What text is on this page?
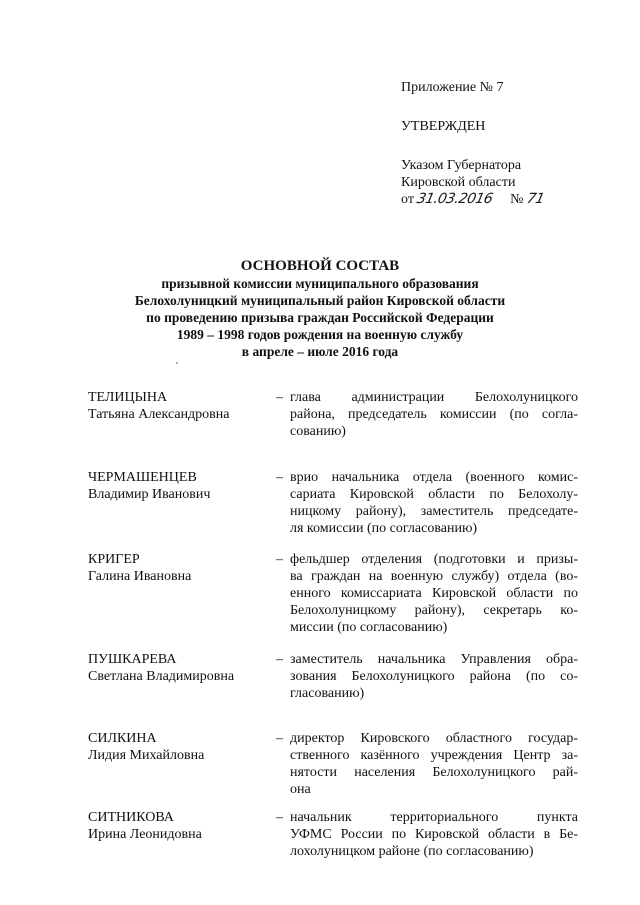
Приложение № 7
УТВЕРЖДЕН
Указом Губернатора
Кировской области
от 31.03.2016 № 71
ОСНОВНОЙ СОСТАВ
призывной комиссии муниципального образования
Белохолуницкий муниципальный район Кировской области
по проведению призыва граждан Российской Федерации
1989 – 1998 годов рождения на военную службу
в апреле – июле 2016 года
ТЕЛИЦЫНА
Татьяна Александровна
– глава администрации Белохолуницкого
района, председатель комиссии (по согла-
сованию)
ЧЕРМАШЕНЦЕВ
Владимир Иванович
– врио начальника отдела (военного комис-
сариата Кировской области по Белохолу-
ницкому району), заместитель председате-
ля комиссии (по согласованию)
КРИГЕР
Галина Ивановна
– фельдшер отделения (подготовки и призы-
ва граждан на военную службу) отдела (во-
енного комиссариата Кировской области по
Белохолуницкому району), секретарь ко-
миссии (по согласованию)
ПУШКАРЕВА
Светлана Владимировна
– заместитель начальника Управления обра-
зования Белохолуницкого района (по со-
гласованию)
СИЛКИНА
Лидия Михайловна
– директор Кировского областного государ-
ственного казённого учреждения Центр за-
нятости населения Белохолуницкого рай-
она
СИТНИКОВА
Ирина Леонидовна
– начальник	территориального	пункта
УФМС России по Кировской области в Бе-
лохолуницком районе (по согласованию)
